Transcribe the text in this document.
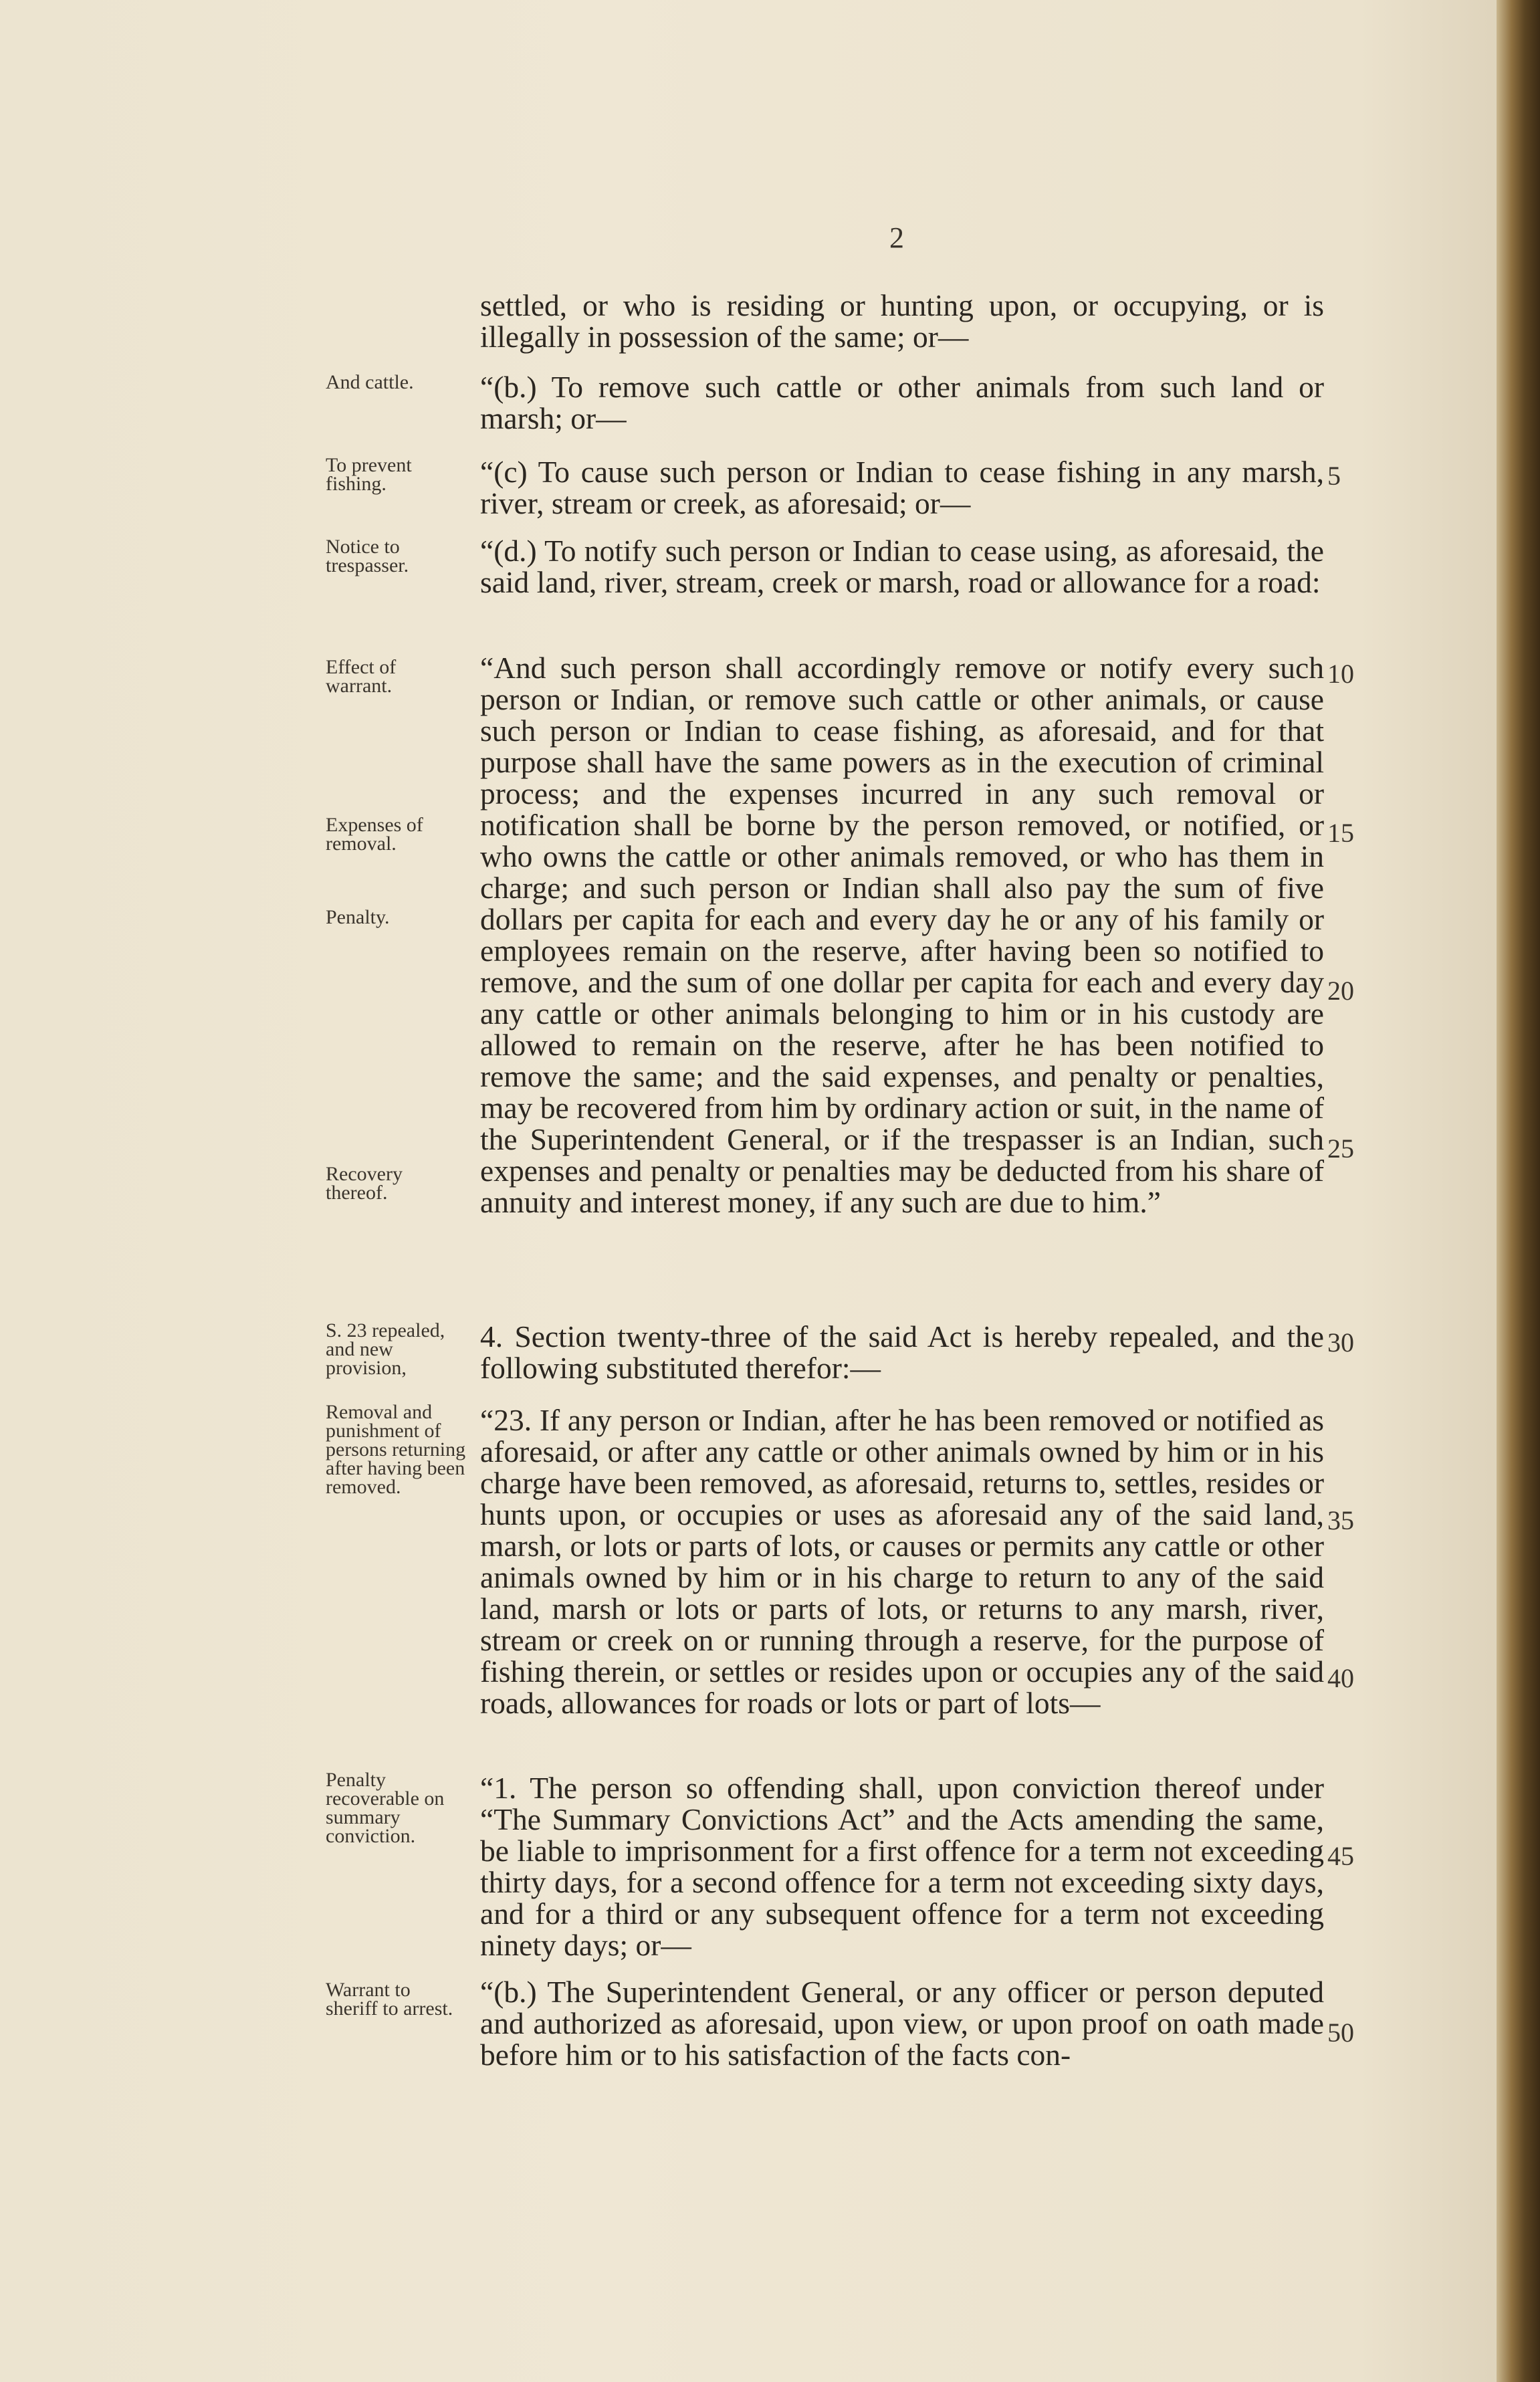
2
settled, or who is residing or hunting upon, or occupying, or is illegally in possession of the same; or—
“(b.) To remove such cattle or other animals from such land or marsh; or—
“(c) To cause such person or Indian to cease fishing in any marsh, river, stream or creek, as aforesaid; or—
“(d.) To notify such person or Indian to cease using, as aforesaid, the said land, river, stream, creek or marsh, road or allowance for a road:
“And such person shall accordingly remove or notify every such person or Indian, or remove such cattle or other animals, or cause such person or Indian to cease fishing, as aforesaid, and for that purpose shall have the same powers as in the execution of criminal process; and the expenses incurred in any such removal or notification shall be borne by the person removed, or notified, or who owns the cattle or other animals removed, or who has them in charge; and such person or Indian shall also pay the sum of five dollars per capita for each and every day he or any of his family or employees remain on the reserve, after having been so notified to remove, and the sum of one dollar per capita for each and every day any cattle or other animals belonging to him or in his custody are allowed to remain on the reserve, after he has been notified to remove the same; and the said expenses, and penalty or penalties, may be recovered from him by ordinary action or suit, in the name of the Superintendent General, or if the trespasser is an Indian, such expenses and penalty or penalties may be deducted from his share of annuity and interest money, if any such are due to him.”
4. Section twenty-three of the said Act is hereby repealed, and the following substituted therefor:—
“23. If any person or Indian, after he has been removed or notified as aforesaid, or after any cattle or other animals owned by him or in his charge have been removed, as aforesaid, returns to, settles, resides or hunts upon, or occupies or uses as aforesaid any of the said land, marsh, or lots or parts of lots, or causes or permits any cattle or other animals owned by him or in his charge to return to any of the said land, marsh or lots or parts of lots, or returns to any marsh, river, stream or creek on or running through a reserve, for the purpose of fishing therein, or settles or resides upon or occupies any of the said roads, allowances for roads or lots or part of lots—
“1. The person so offending shall, upon conviction thereof under “The Summary Convictions Act” and the Acts amending the same, be liable to imprisonment for a first offence for a term not exceeding thirty days, for a second offence for a term not exceeding sixty days, and for a third or any subsequent offence for a term not exceeding ninety days; or—
“(b.) The Superintendent General, or any officer or person deputed and authorized as aforesaid, upon view, or upon proof on oath made before him or to his satisfaction of the facts con-
And cattle.
To prevent fishing.
Notice to trespasser.
Effect of warrant.
Expenses of removal.
Penalty.
Recovery thereof.
S. 23 repealed, and new provision,
Removal and punishment of persons returning after having been removed.
Penalty recoverable on summary conviction.
Warrant to sheriff to arrest.
5
10
15
20
25
30
35
40
45
50
